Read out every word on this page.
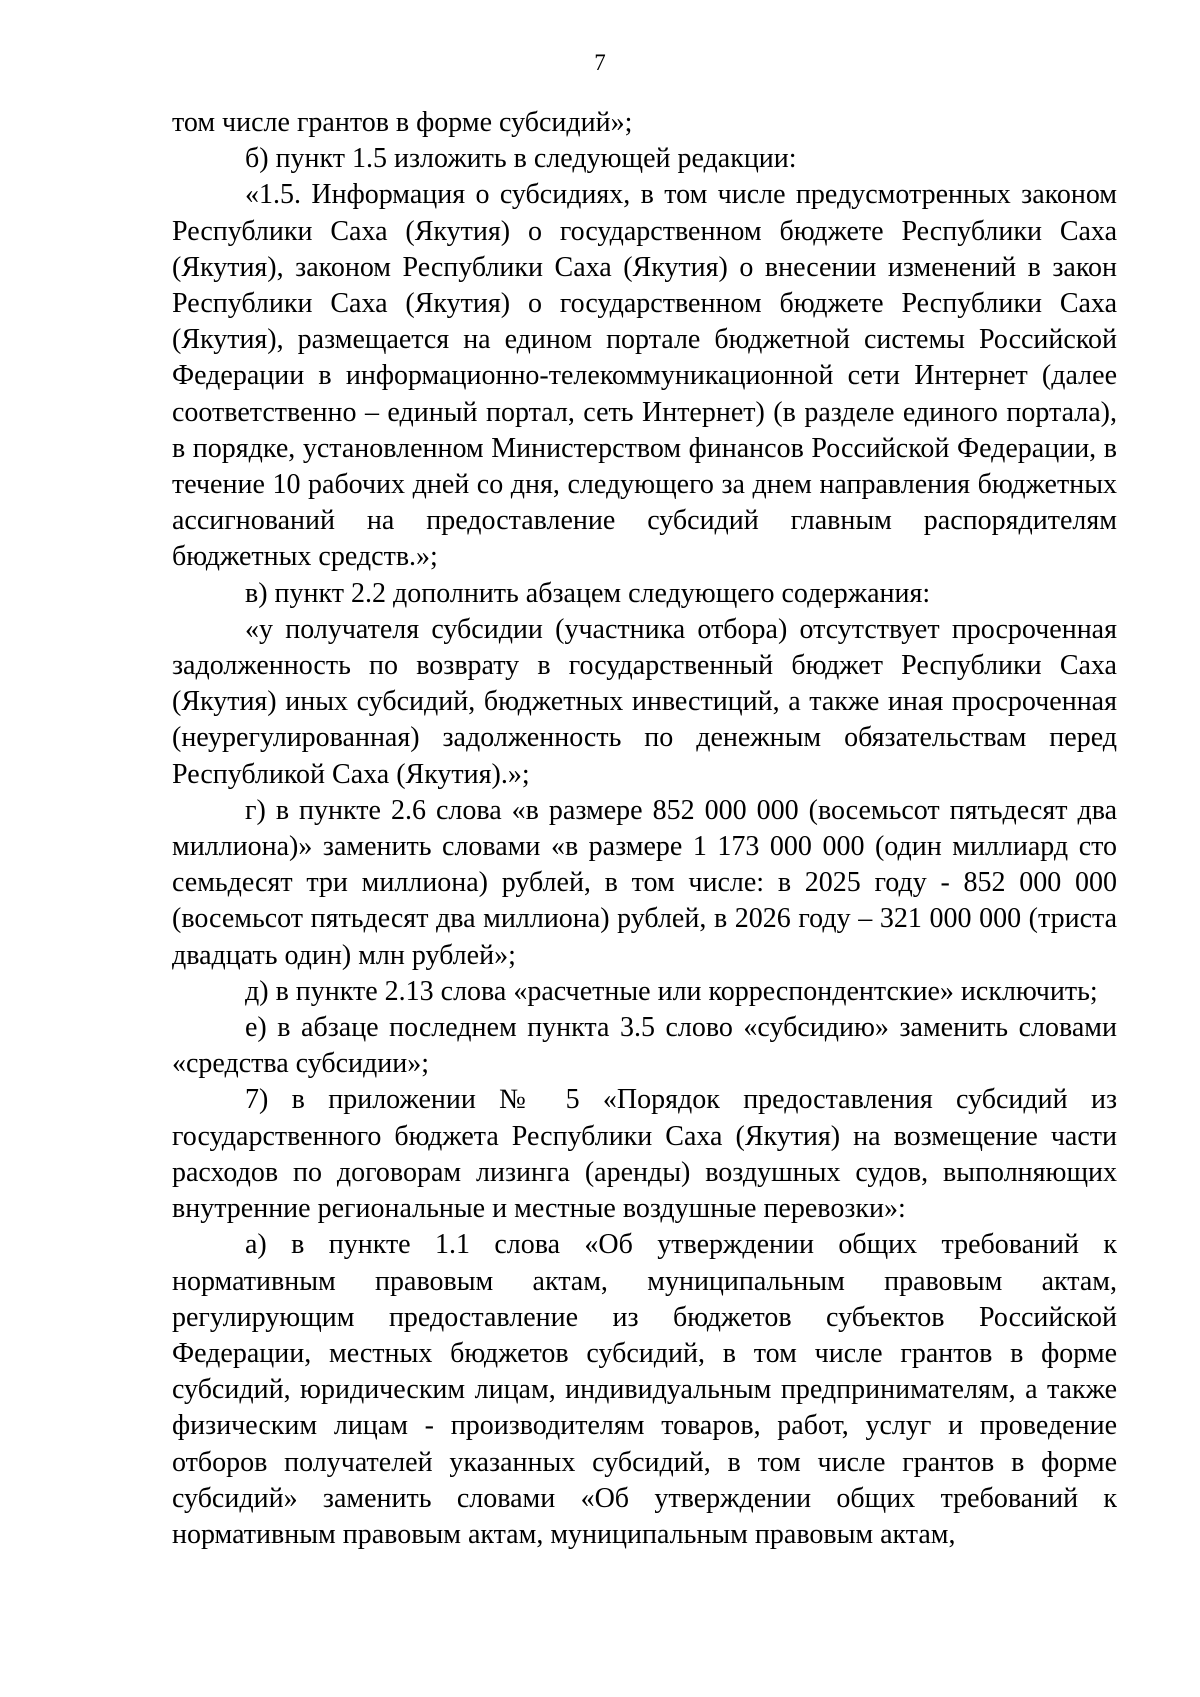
7

том числе грантов в форме субсидий»;

б) пункт 1.5 изложить в следующей редакции:

«1.5. Информация о субсидиях, в том числе предусмотренных законом Республики Саха (Якутия) о государственном бюджете Республики Саха (Якутия), законом Республики Саха (Якутия) о внесении изменений в закон Республики Саха (Якутия) о государственном бюджете Республики Саха (Якутия), размещается на едином портале бюджетной системы Российской Федерации в информационно-телекоммуникационной сети Интернет (далее соответственно – единый портал, сеть Интернет) (в разделе единого портала), в порядке, установленном Министерством финансов Российской Федерации, в течение 10 рабочих дней со дня, следующего за днем направления бюджетных ассигнований на предоставление субсидий главным распорядителям бюджетных средств.»;

в) пункт 2.2 дополнить абзацем следующего содержания:

«у получателя субсидии (участника отбора) отсутствует просроченная задолженность по возврату в государственный бюджет Республики Саха (Якутия) иных субсидий, бюджетных инвестиций, а также иная просроченная (неурегулированная) задолженность по денежным обязательствам перед Республикой Саха (Якутия).»;

г) в пункте 2.6 слова «в размере 852 000 000 (восемьсот пятьдесят два миллиона)» заменить словами «в размере 1 173 000 000 (один миллиард сто семьдесят три миллиона) рублей, в том числе: в 2025 году - 852 000 000 (восемьсот пятьдесят два миллиона) рублей, в 2026 году – 321 000 000 (триста двадцать один) млн рублей»;

д) в пункте 2.13 слова «расчетные или корреспондентские» исключить;

е) в абзаце последнем пункта 3.5 слово «субсидию» заменить словами «средства субсидии»;

7) в приложении № 5 «Порядок предоставления субсидий из государственного бюджета Республики Саха (Якутия) на возмещение части расходов по договорам лизинга (аренды) воздушных судов, выполняющих внутренние региональные и местные воздушные перевозки»:

а) в пункте 1.1 слова «Об утверждении общих требований к нормативным правовым актам, муниципальным правовым актам, регулирующим предоставление из бюджетов субъектов Российской Федерации, местных бюджетов субсидий, в том числе грантов в форме субсидий, юридическим лицам, индивидуальным предпринимателям, а также физическим лицам - производителям товаров, работ, услуг и проведение отборов получателей указанных субсидий, в том числе грантов в форме субсидий» заменить словами «Об утверждении общих требований к нормативным правовым актам, муниципальным правовым актам,
